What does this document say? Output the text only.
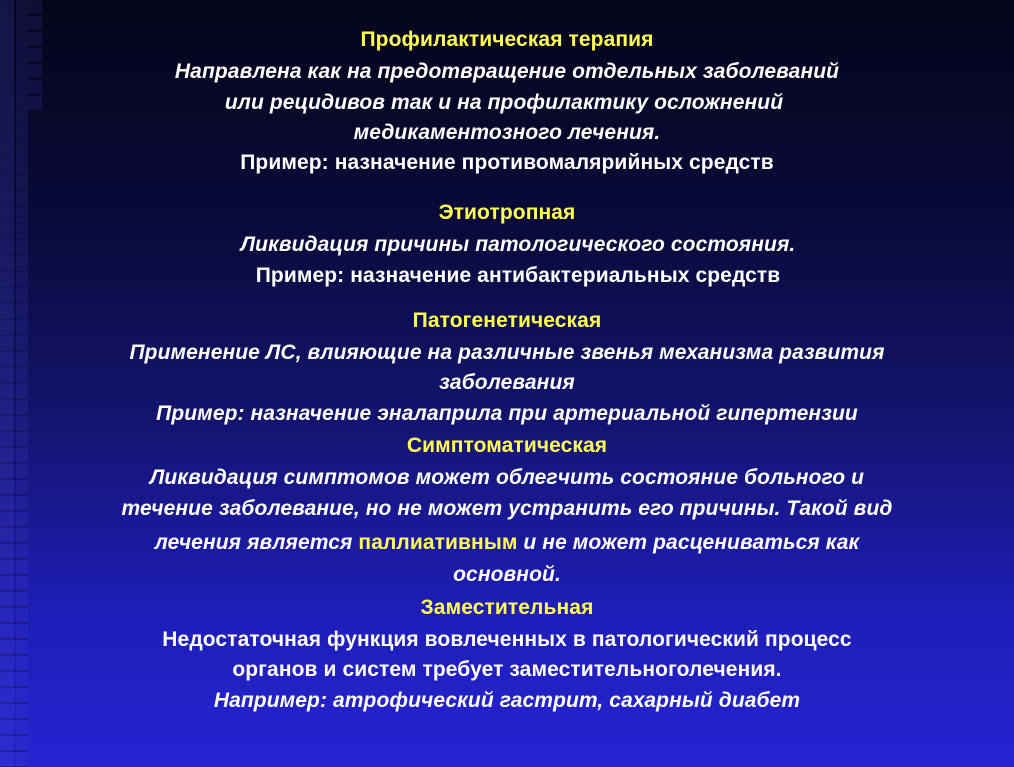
Профилактическая терапия
Направлена как на предотвращение отдельных заболеваний
или рецидивов так и на профилактику осложнений
медикаментозного лечения.
Пример: назначение противомалярийных средств
Этиотропная
Ликвидация причины патологического состояния.
Пример: назначение антибактериальных средств
Патогенетическая
Применение ЛС, влияющие на различные звенья механизма развития
заболевания
Пример: назначение эналаприла при артериальной гипертензии
Симптоматическая
Ликвидация симптомов может облегчить состояние больного и
течение заболевание, но не может устранить его причины. Такой вид
лечения является паллиативным и не может расцениваться как
основной.
Заместительная
Недостаточная функция вовлеченных в патологический процесс
органов и систем требует заместительноголечения.
Например: атрофический гастрит, сахарный диабет
